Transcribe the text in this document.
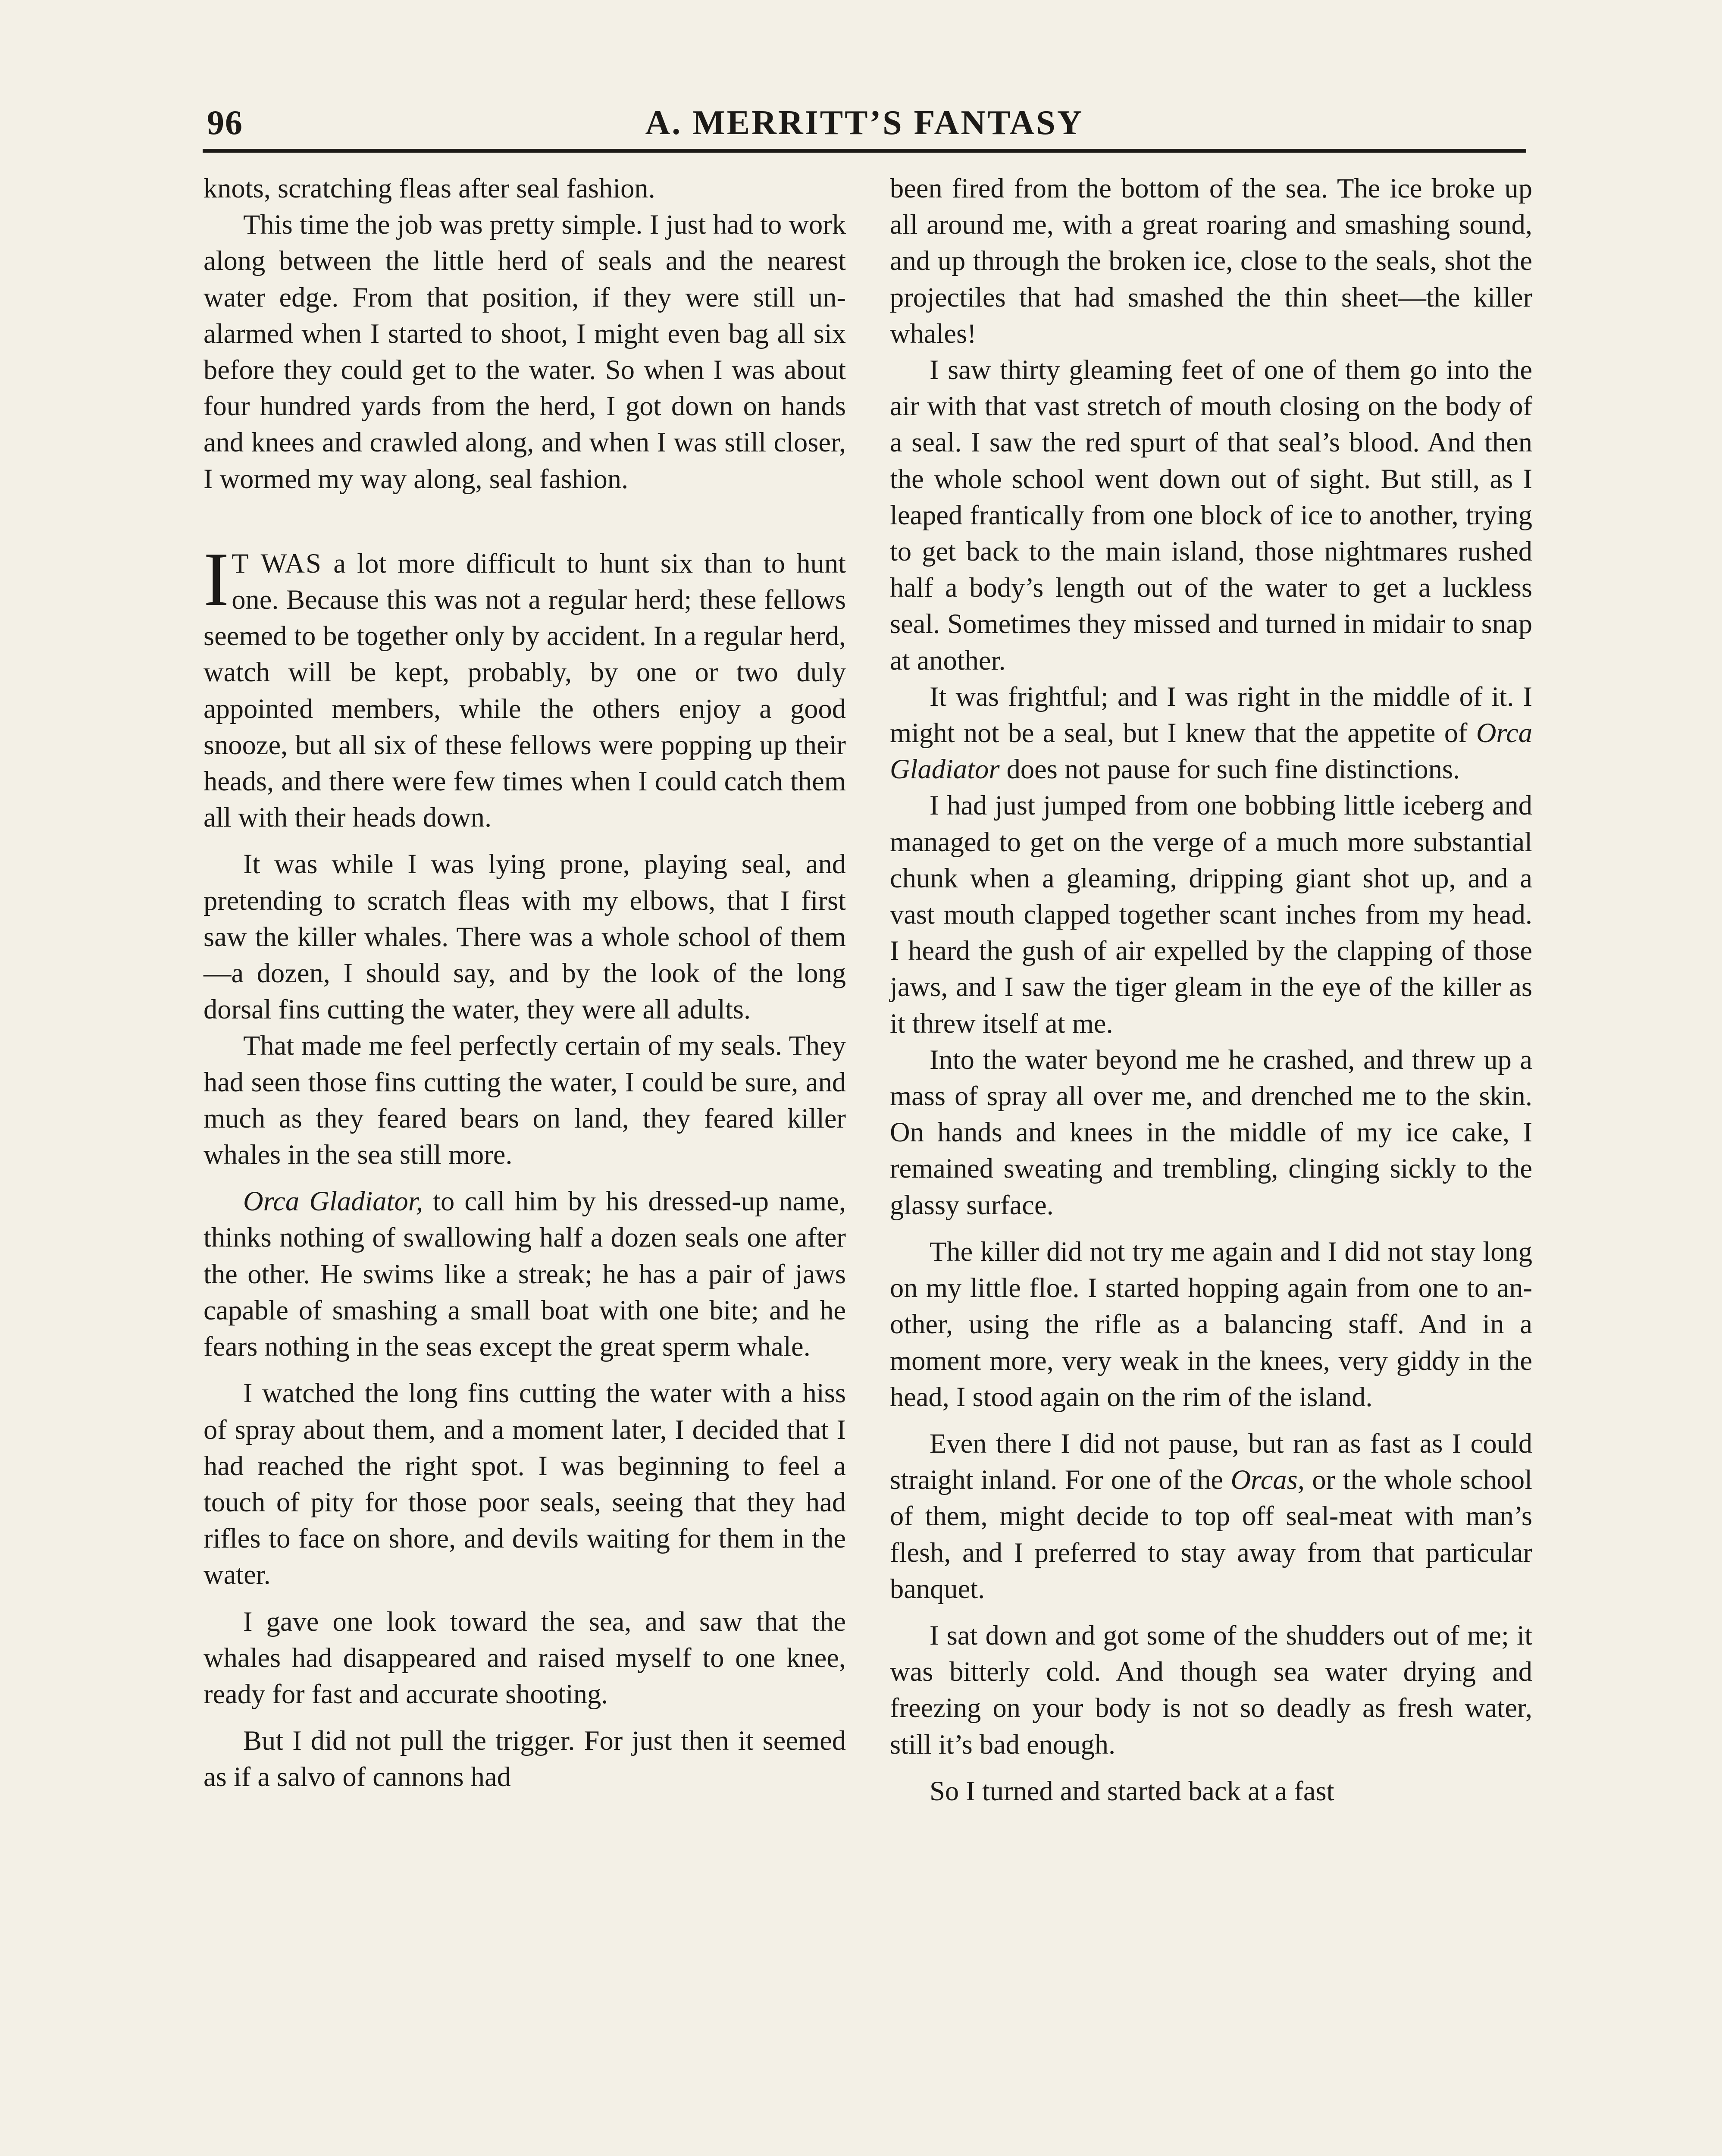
96	A. MERRITT’S FANTASY

knots, scratching fleas after seal fashion.

This time the job was pretty simple. I just had to work along between the little herd of seals and the nearest water edge. From that position, if they were still unalarmed when I started to shoot, I might even bag all six before they could get to the water. So when I was about four hundred yards from the herd, I got down on hands and knees and crawled along, and when I was still closer, I wormed my way along, seal fashion.

I T WAS a lot more difficult to hunt six than to hunt one. Because this was not a regular herd; these fellows seemed to be together only by accident. In a regular herd, watch will be kept, probably, by one or two duly appointed members, while the others enjoy a good snooze, but all six of these fellows were popping up their heads, and there were few times when I could catch them all with their heads down.

It was while I was lying prone, playing seal, and pretending to scratch fleas with my elbows, that I first saw the killer whales. There was a whole school of them —a dozen, I should say, and by the look of the long dorsal fins cutting the water, they were all adults.

That made me feel perfectly certain of my seals. They had seen those fins cutting the water, I could be sure, and much as they feared bears on land, they feared killer whales in the sea still more.

Orca Gladiator, to call him by his dressed-up name, thinks nothing of swallowing half a dozen seals one after the other. He swims like a streak; he has a pair of jaws capable of smashing a small boat with one bite; and he fears nothing in the seas except the great sperm whale.

I watched the long fins cutting the water with a hiss of spray about them, and a moment later, I decided that I had reached the right spot. I was beginning to feel a touch of pity for those poor seals, seeing that they had rifles to face on shore, and devils waiting for them in the water.

I gave one look toward the sea, and saw that the whales had disappeared and raised myself to one knee, ready for fast and accurate shooting.

But I did not pull the trigger. For just then it seemed as if a salvo of cannons had

been fired from the bottom of the sea. The ice broke up all around me, with a great roaring and smashing sound, and up through the broken ice, close to the seals, shot the projectiles that had smashed the thin sheet—the killer whales!

I saw thirty gleaming feet of one of them go into the air with that vast stretch of mouth closing on the body of a seal. I saw the red spurt of that seal’s blood. And then the whole school went down out of sight. But still, as I leaped frantically from one block of ice to another, trying to get back to the main island, those nightmares rushed half a body’s length out of the water to get a luckless seal. Sometimes they missed and turned in midair to snap at another.

It was frightful; and I was right in the middle of it. I might not be a seal, but I knew that the appetite of Orca Gladiator does not pause for such fine distinctions.

I had just jumped from one bobbing little iceberg and managed to get on the verge of a much more substantial chunk when a gleaming, dripping giant shot up, and a vast mouth clapped together scant inches from my head. I heard the gush of air expelled by the clapping of those jaws, and I saw the tiger gleam in the eye of the killer as it threw itself at me.

Into the water beyond me he crashed, and threw up a mass of spray all over me, and drenched me to the skin. On hands and knees in the middle of my ice cake, I remained sweating and trembling, clinging sickly to the glassy surface.

The killer did not try me again and I did not stay long on my little floe. I started hopping again from one to another, using the rifle as a balancing staff. And in a moment more, very weak in the knees, very giddy in the head, I stood again on the rim of the island.

Even there I did not pause, but ran as fast as I could straight inland. For one of the Orcas, or the whole school of them, might decide to top off seal-meat with man’s flesh, and I preferred to stay away from that particular banquet.

I sat down and got some of the shudders out of me; it was bitterly cold. And though sea water drying and freezing on your body is not so deadly as fresh water, still it’s bad enough.

So I turned and started back at a fast
